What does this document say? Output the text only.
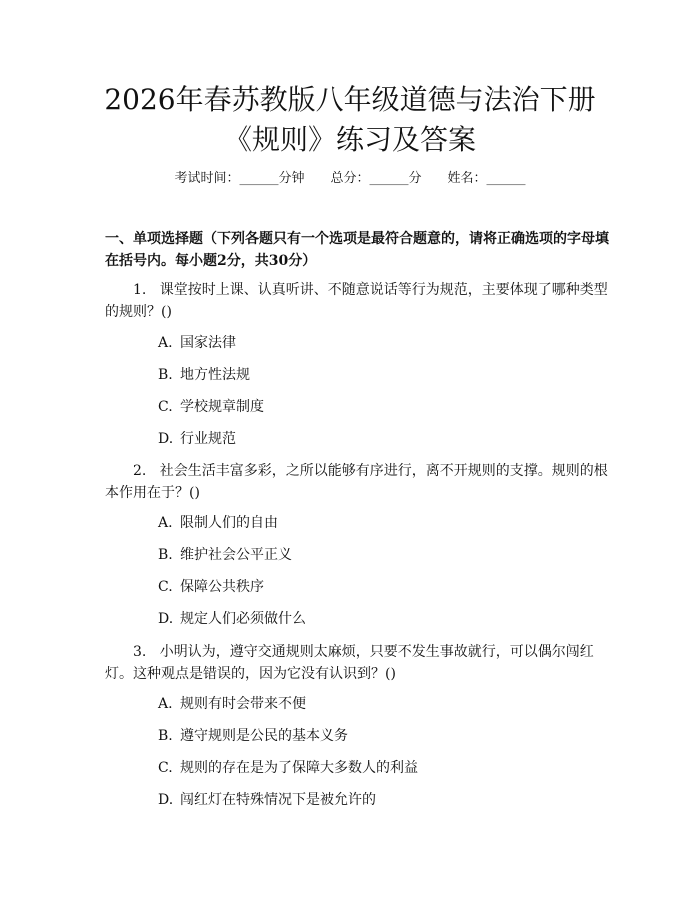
2026年春苏教版八年级道德与法治下册《规则》练习及答案
考试时间：______分钟　　总分：______分　　姓名：______
一、单项选择题（下列各题只有一个选项是最符合题意的，请将正确选项的字母填在括号内。每小题2分，共30分）
1. 课堂按时上课、认真听讲、不随意说话等行为规范，主要体现了哪种类型的规则？()
A. 国家法律
B. 地方性法规
C. 学校规章制度
D. 行业规范
2. 社会生活丰富多彩，之所以能够有序进行，离不开规则的支撑。规则的根本作用在于？()
A. 限制人们的自由
B. 维护社会公平正义
C. 保障公共秩序
D. 规定人们必须做什么
3. 小明认为，遵守交通规则太麻烦，只要不发生事故就行，可以偶尔闯红灯。这种观点是错误的，因为它没有认识到？()
A. 规则有时会带来不便
B. 遵守规则是公民的基本义务
C. 规则的存在是为了保障大多数人的利益
D. 闯红灯在特殊情况下是被允许的
